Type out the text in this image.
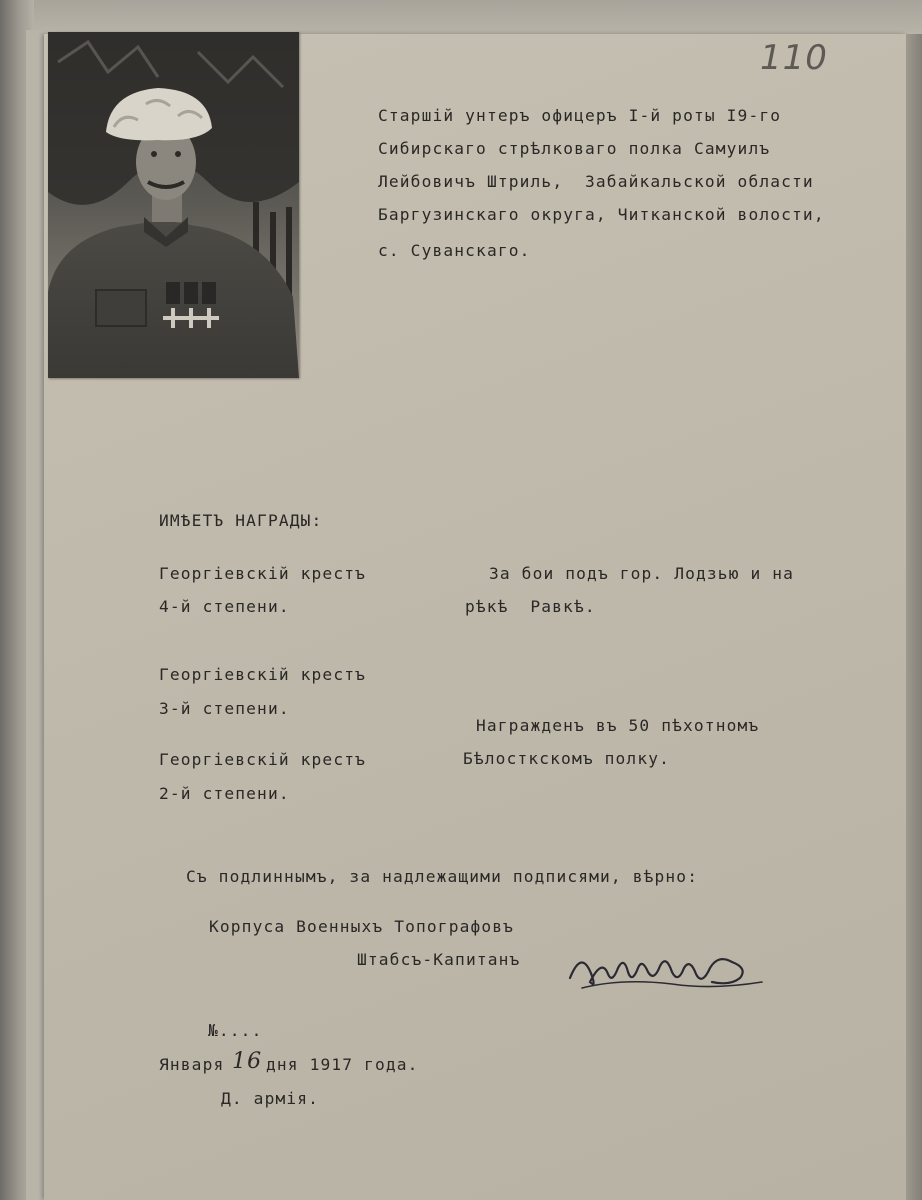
110

Старшій унтеръ офицеръ I-й роты I9-го

Сибирскаго стрѣлковаго полка Самуилъ

Лейбовичъ Штриль,  Забайкальской области

Баргузинскаго округа, Читканской волости,

с. Суванскаго.

ИМѢЕТЪ НАГРАДЫ:

Георгіевскій крестъ

4-й степени.

За бои подъ гор. Лодзью и на

рѣкѣ  Равкѣ.

Георгіевскій крестъ

3-й степени.

Награжденъ въ 50 пѣхотномъ

Бѣлосткскомъ полку.

Георгіевскій крестъ

2-й степени.

Съ подлиннымъ, за надлежащими подписями, вѣрно:

Корпуса Военныхъ Топографовъ

Штабсъ-Капитанъ

№....

Января 16 дня 1917 года.

Д. армія.
